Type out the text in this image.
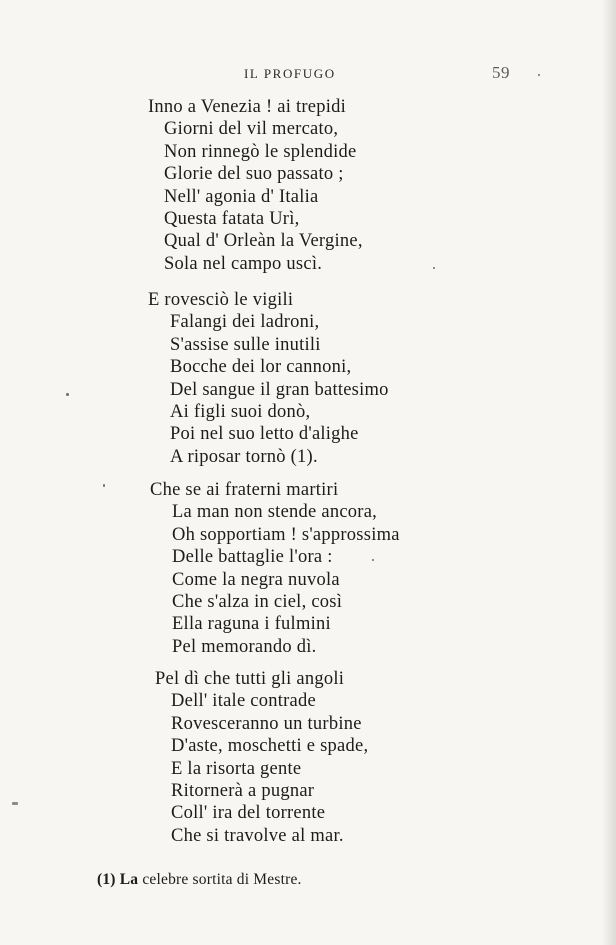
IL PROFUGO	59
Inno a Venezia ! ai trepidi
Giorni del vil mercato,
Non rinnegò le splendide
Glorie del suo passato ;
Nell' agonia d' Italia
Questa fatata Urì,
Qual d' Orleàn la Vergine,
Sola nel campo uscì.
E rovesciò le vigili
Falangi dei ladroni,
S'assise sulle inutili
Bocche dei lor cannoni,
Del sangue il gran battesimo
Ai figli suoi donò,
Poi nel suo letto d'alighe
A riposar tornò (1).
Che se ai fraterni martiri
La man non stende ancora,
Oh sopportiam ! s'approssima
Delle battaglie l'ora :
Come la negra nuvola
Che s'alza in ciel, così
Ella raguna i fulmini
Pel memorando dì.
Pel dì che tutti gli angoli
Dell' itale contrade
Rovesceranno un turbine
D'aste, moschetti e spade,
E la risorta gente
Ritornerà a pugnar
Coll' ira del torrente
Che si travolve al mar.
(1) La celebre sortita di Mestre.
